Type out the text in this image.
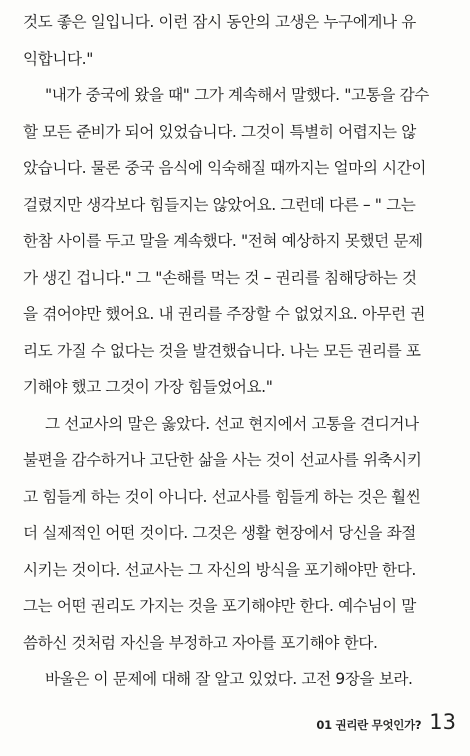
것도 좋은 일입니다. 이런 잠시 동안의 고생은 누구에게나 유
익합니다."
"내가 중국에 왔을 때" 그가 계속해서 말했다. "고통을 감수
할 모든 준비가 되어 있었습니다. 그것이 특별히 어렵지는 않
았습니다. 물론 중국 음식에 익숙해질 때까지는 얼마의 시간이
걸렸지만 생각보다 힘들지는 않았어요. 그런데 다른 – " 그는
한참 사이를 두고 말을 계속했다. "전혀 예상하지 못했던 문제
가 생긴 겁니다." 그 "손해를 먹는 것 – 권리를 침해당하는 것
을 겪어야만 했어요. 내 권리를 주장할 수 없었지요. 아무런 권
리도 가질 수 없다는 것을 발견했습니다. 나는 모든 권리를 포
기해야 했고 그것이 가장 힘들었어요."
그 선교사의 말은 옳았다. 선교 현지에서 고통을 견디거나
불편을 감수하거나 고단한 삶을 사는 것이 선교사를 위축시키
고 힘들게 하는 것이 아니다. 선교사를 힘들게 하는 것은 훨씬
더 실제적인 어떤 것이다. 그것은 생활 현장에서 당신을 좌절
시키는 것이다. 선교사는 그 자신의 방식을 포기해야만 한다.
그는 어떤 권리도 가지는 것을 포기해야만 한다. 예수님이 말
씀하신 것처럼 자신을 부정하고 자아를 포기해야 한다.
바울은 이 문제에 대해 잘 알고 있었다. 고전 9장을 보라.
01 권리란 무엇인가? 13
